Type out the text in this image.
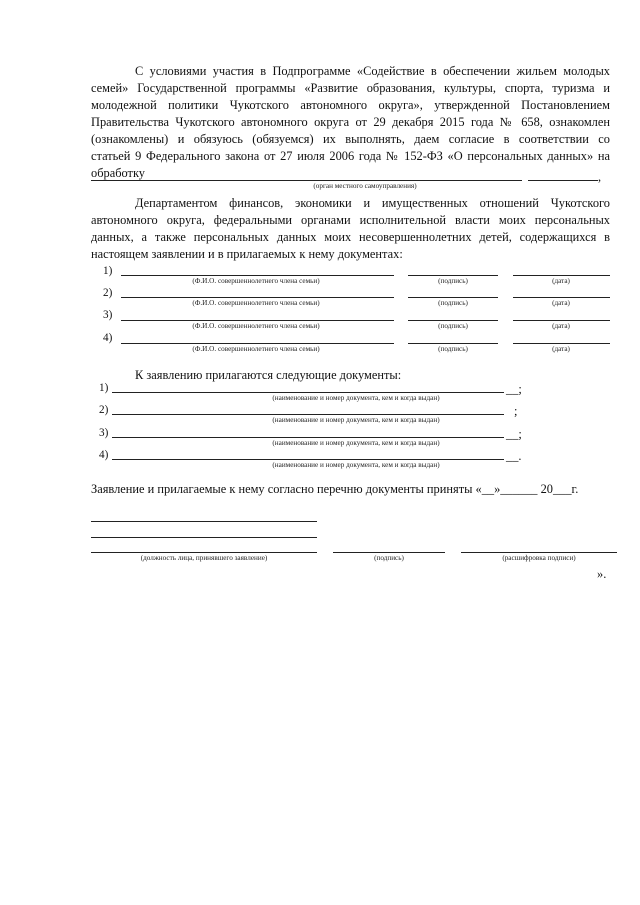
С условиями участия в Подпрограмме «Содействие в обеспечении жильем молодых
семей» Государственной программы «Развитие образования, культуры, спорта, туризма и
молодежной политики Чукотского автономного округа», утвержденной Постановлением
Правительства Чукотского автономного округа от 29 декабря 2015 года № 658, ознакомлен
(ознакомлены) и обязуюсь (обязуемся) их выполнять, даем согласие в соответствии со
статьей 9 Федерального закона от 27 июля 2006 года № 152-ФЗ «О персональных данных» на
обработку	,
(орган местного самоуправления)
Департаментом финансов, экономики и имущественных отношений Чукотского
автономного округа, федеральными органами исполнительной власти моих персональных
данных, а также персональных данных моих несовершеннолетних детей, содержащихся в
настоящем заявлении и в прилагаемых к нему документах:
1)
(Ф.И.О. совершеннолетнего члена семьи)	(подпись)	(дата)
2)
(Ф.И.О. совершеннолетнего члена семьи)	(подпись)	(дата)
3)
(Ф.И.О. совершеннолетнего члена семьи)	(подпись)	(дата)
4)
(Ф.И.О. совершеннолетнего члена семьи)	(подпись)	(дата)
К заявлению прилагаются следующие документы:
1)	__;
(наименование и номер документа, кем и когда выдан)
2)	;
(наименование и номер документа, кем и когда выдан)
3)	__;
(наименование и номер документа, кем и когда выдан)
4)	__.
(наименование и номер документа, кем и когда выдан)
Заявление и прилагаемые к нему согласно перечню документы приняты «__»______ 20___г.
(должность лица, принявшего заявление)	(подпись)	(расшифровка подписи)
».
